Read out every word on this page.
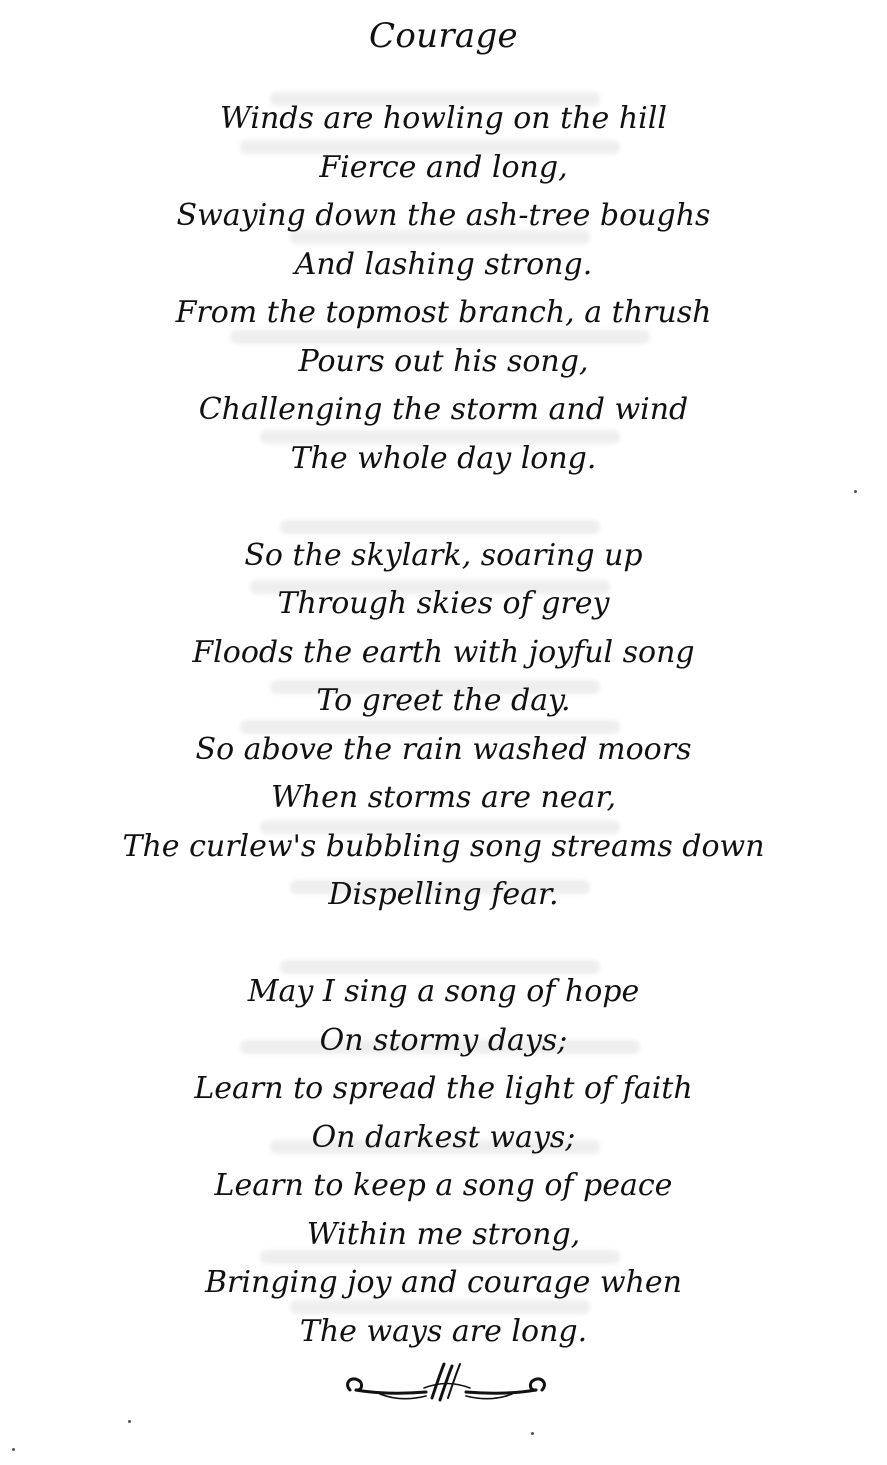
Courage
Winds are howling on the hill
Fierce and long,
Swaying down the ash-tree boughs
And lashing strong.
From the topmost branch, a thrush
Pours out his song,
Challenging the storm and wind
The whole day long.
So the skylark, soaring up
Through skies of grey
Floods the earth with joyful song
To greet the day.
So above the rain washed moors
When storms are near,
The curlew's bubbling song streams down
Dispelling fear.
May I sing a song of hope
On stormy days;
Learn to spread the light of faith
On darkest ways;
Learn to keep a song of peace
Within me strong,
Bringing joy and courage when
The ways are long.
